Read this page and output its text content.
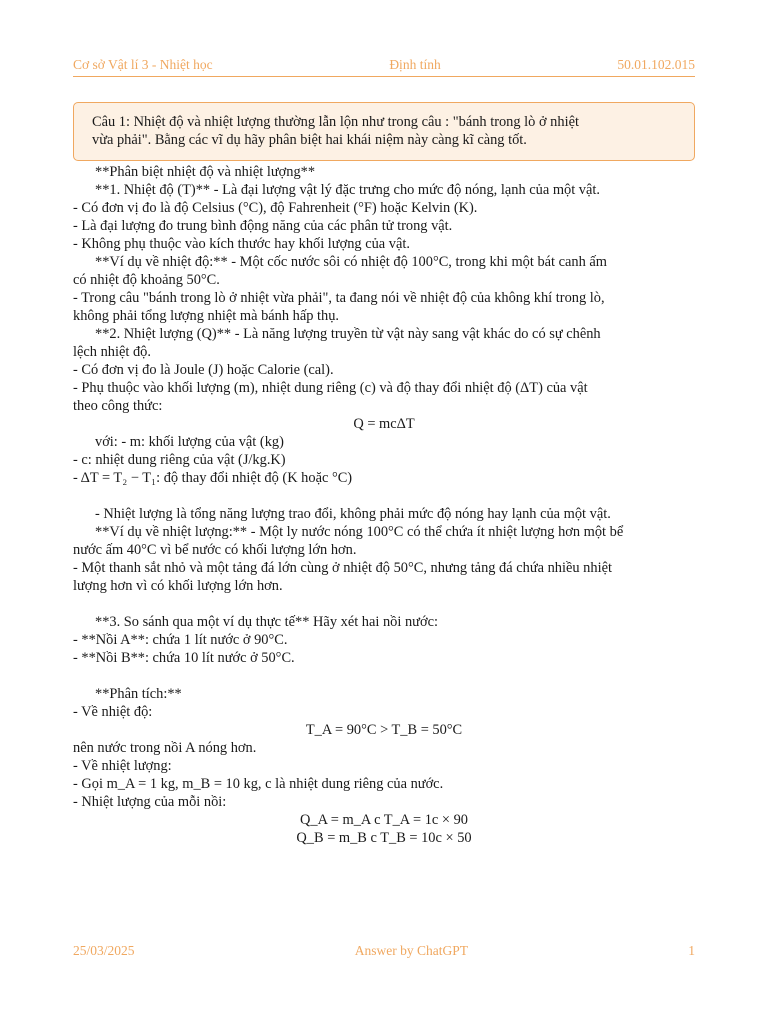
Cơ sở Vật lí 3 - Nhiệt học	Định tính	50.01.102.015
Câu 1: Nhiệt độ và nhiệt lượng thường lẫn lộn như trong câu : "bánh trong lò ở nhiệt
vừa phải". Bằng các vĩ dụ hãy phân biệt hai khái niệm này càng kĩ càng tốt.

**Phân biệt nhiệt độ và nhiệt lượng**

**1. Nhiệt độ (T)** - Là đại lượng vật lý đặc trưng cho mức độ nóng, lạnh của một vật.

- Có đơn vị đo là độ Celsius (°C), độ Fahrenheit (°F) hoặc Kelvin (K).

- Là đại lượng đo trung bình động năng của các phân tử trong vật.

- Không phụ thuộc vào kích thước hay khối lượng của vật.

**Ví dụ về nhiệt độ:** - Một cốc nước sôi có nhiệt độ 100°C, trong khi một bát canh ấm

có nhiệt độ khoảng 50°C.

- Trong câu "bánh trong lò ở nhiệt vừa phải", ta đang nói về nhiệt độ của không khí trong lò,

không phải tổng lượng nhiệt mà bánh hấp thụ.

**2. Nhiệt lượng (Q)** - Là năng lượng truyền từ vật này sang vật khác do có sự chênh

lệch nhiệt độ.

- Có đơn vị đo là Joule (J) hoặc Calorie (cal).

- Phụ thuộc vào khối lượng (m), nhiệt dung riêng (c) và độ thay đổi nhiệt độ (ΔT) của vật

theo công thức:

Q = mcΔT

với: - m: khối lượng của vật (kg)

- c: nhiệt dung riêng của vật (J/kg.K)

- ΔT = T₂ − T₁: độ thay đổi nhiệt độ (K hoặc °C)

- Nhiệt lượng là tổng năng lượng trao đổi, không phải mức độ nóng hay lạnh của một vật.

**Ví dụ về nhiệt lượng:** - Một ly nước nóng 100°C có thể chứa ít nhiệt lượng hơn một bể

nước ấm 40°C vì bể nước có khối lượng lớn hơn.

- Một thanh sắt nhỏ và một tảng đá lớn cùng ở nhiệt độ 50°C, nhưng tảng đá chứa nhiều nhiệt

lượng hơn vì có khối lượng lớn hơn.

**3. So sánh qua một ví dụ thực tế** Hãy xét hai nồi nước:

- **Nồi A**: chứa 1 lít nước ở 90°C.

- **Nồi B**: chứa 10 lít nước ở 50°C.

**Phân tích:**

- Về nhiệt độ:

T_A = 90°C > T_B = 50°C

nên nước trong nồi A nóng hơn.

- Về nhiệt lượng:

- Gọi m_A = 1 kg, m_B = 10 kg, c là nhiệt dung riêng của nước.

- Nhiệt lượng của mỗi nồi:

Q_A = m_A c T_A = 1c × 90

Q_B = m_B c T_B = 10c × 50

25/03/2025	Answer by ChatGPT	1
